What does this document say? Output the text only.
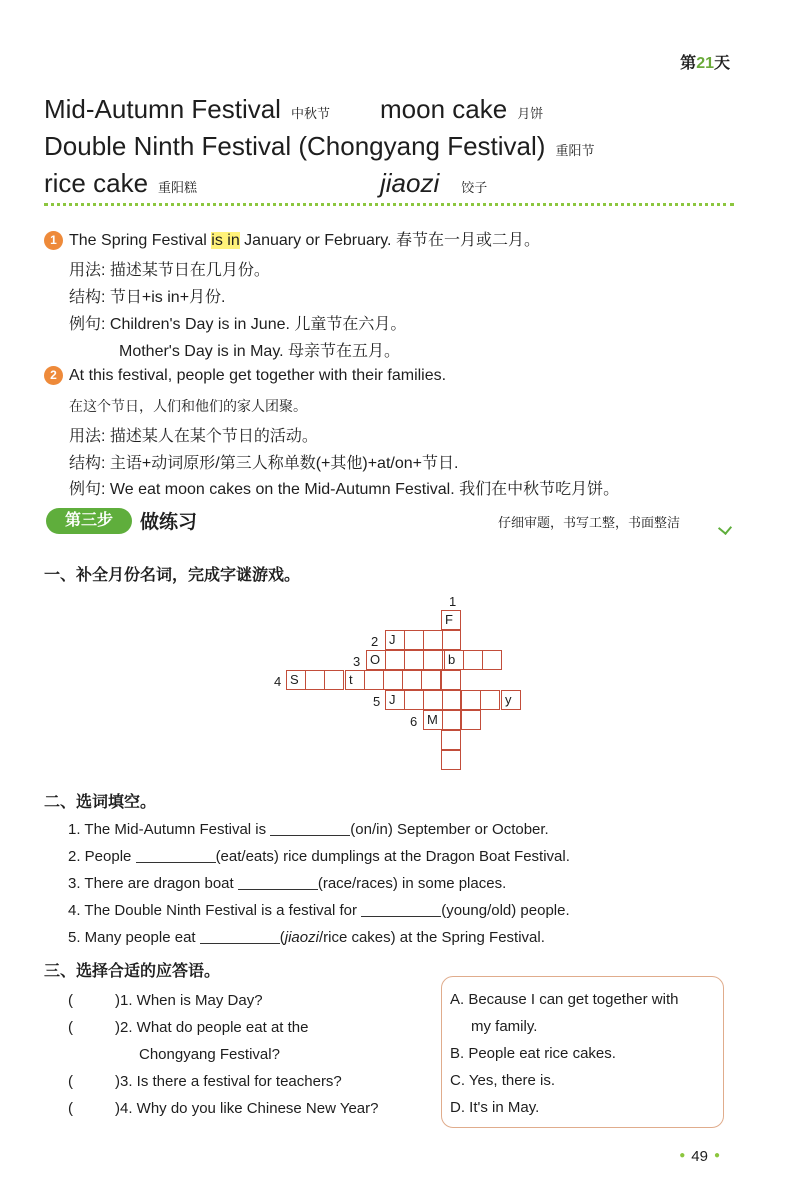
第21天
Mid-Autumn Festival 中秋节 moon cake 月饼
Double Ninth Festival (Chongyang Festival) 重阳节
rice cake 重阳糕	jiaozi 饺子
1 The Spring Festival is in January or February. 春节在一月或二月。
用法: 描述某节日在几月份。
结构: 节日+is in+月份.
例句: Children's Day is in June. 儿童节在六月。
Mother's Day is in May. 母亲节在五月。
2 At this festival, people get together with their families.
在这个节日，人们和他们的家人团聚。
用法: 描述某人在某个节日的活动。
结构: 主语+动词原形/第三人称单数(+其他)+at/on+节日.
例句: We eat moon cakes on the Mid-Autumn Festival. 我们在中秋节吃月饼。
第三步	做练习	仔细审题，书写工整，书面整洁
一、补全月份名词，完成字谜游戏。
1
2
3
4
5
6
F
J
O	b
S	t
J	y
M
二、选词填空。
1. The Mid-Autumn Festival is	(on/in) September or October.
2. People	(eat/eats) rice dumplings at the Dragon Boat Festival.
3. There are dragon boat	(race/races) in some places.
4. The Double Ninth Festival is a festival for	(young/old) people.
5. Many people eat	(jiaozi/rice cakes) at the Spring Festival.
三、选择合适的应答语。
(	)1. When is May Day?
(	)2. What do people eat at the
Chongyang Festival?
(	)3. Is there a festival for teachers?
(	)4. Why do you like Chinese New Year?
A. Because I can get together with
my family.
B. People eat rice cakes.
C. Yes, there is.
D. It's in May.
● 49 ●
